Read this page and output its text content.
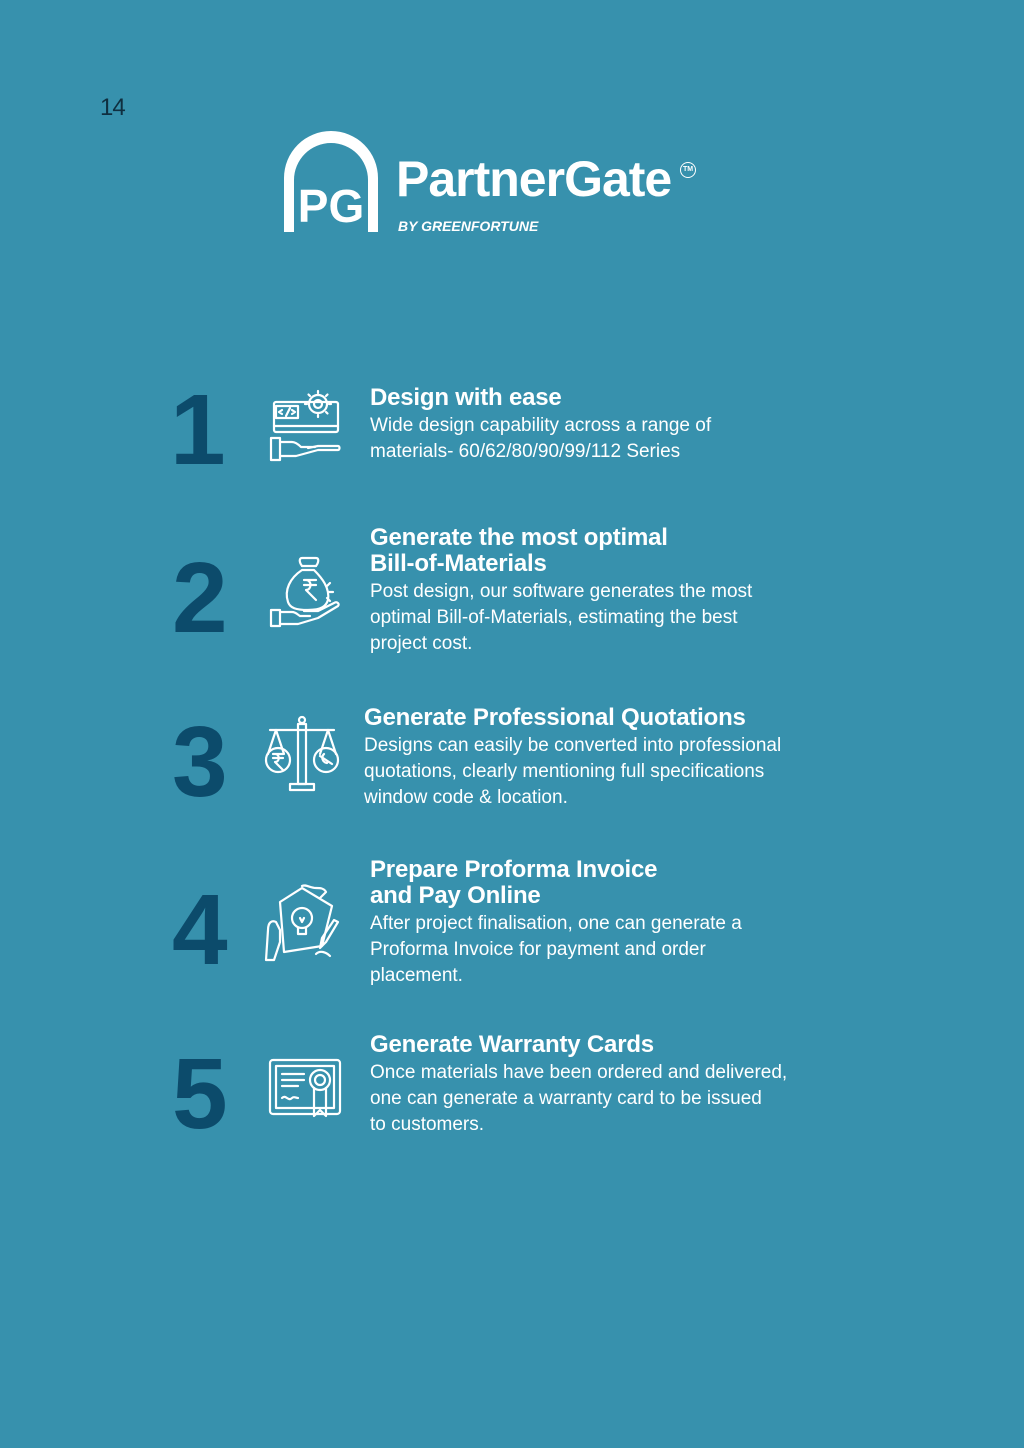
14
PG PartnerGate	TM
BY GREENFORTUNE
1	Design with ease
Wide design capability across a range of
materials- 60/62/80/90/99/112 Series
2
Generate the most optimal
Bill-of-Materials
Post design, our software generates the most
optimal Bill-of-Materials, estimating the best
project cost.
3	Generate Professional Quotations
Designs can easily be converted into professional
quotations, clearly mentioning full specifications
window code & location.
4
Prepare Proforma Invoice
and Pay Online
After project finalisation, one can generate a
Proforma Invoice for payment and order
placement.
5	Generate Warranty Cards
Once materials have been ordered and delivered,
one can generate a warranty card to be issued
to customers.
